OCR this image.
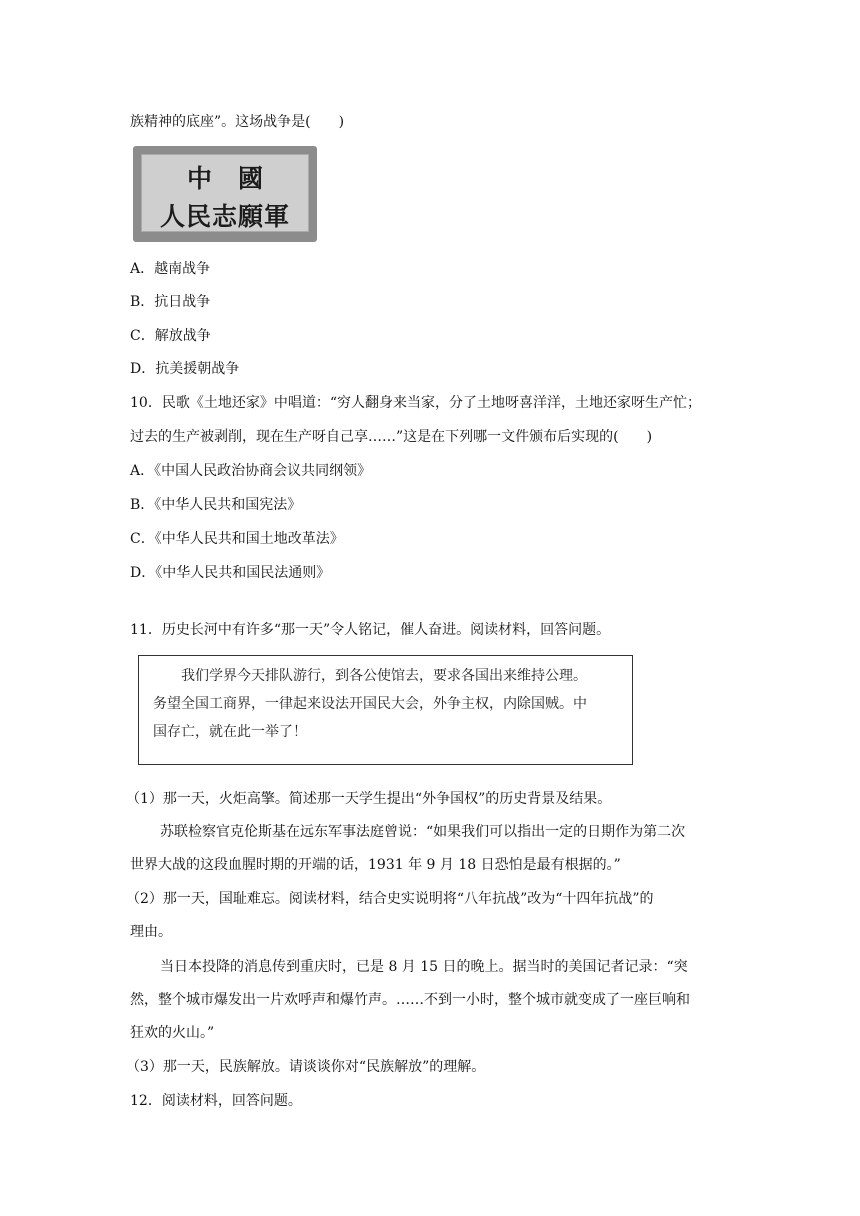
族精神的底座”。这场战争是(　　)
中國
人民志願軍
A．越南战争
B．抗日战争
C．解放战争
D．抗美援朝战争
10．民歌《土地还家》中唱道：“穷人翻身来当家，分了土地呀喜洋洋，土地还家呀生产忙；
过去的生产被剥削，现在生产呀自己享……”这是在下列哪一文件颁布后实现的(　　)
A．《中国人民政治协商会议共同纲领》
B．《中华人民共和国宪法》
C．《中华人民共和国土地改革法》
D．《中华人民共和国民法通则》
11．历史长河中有许多“那一天”令人铭记，催人奋进。阅读材料，回答问题。
我们学界今天排队游行，到各公使馆去，要求各国出来维持公理。
务望全国工商界，一律起来设法开国民大会，外争主权，内除国贼。中
国存亡，就在此一举了！
（1）那一天，火炬高擎。简述那一天学生提出“外争国权”的历史背景及结果。
苏联检察官克伦斯基在远东军事法庭曾说：“如果我们可以指出一定的日期作为第二次
世界大战的这段血腥时期的开端的话，1931 年 9 月 18 日恐怕是最有根据的。”
（2）那一天，国耻难忘。阅读材料，结合史实说明将“八年抗战”改为“十四年抗战”的
理由。
当日本投降的消息传到重庆时，已是 8 月 15 日的晚上。据当时的美国记者记录：“突
然，整个城市爆发出一片欢呼声和爆竹声。……不到一小时，整个城市就变成了一座巨响和
狂欢的火山。”
（3）那一天，民族解放。请谈谈你对“民族解放”的理解。
12．阅读材料，回答问题。
